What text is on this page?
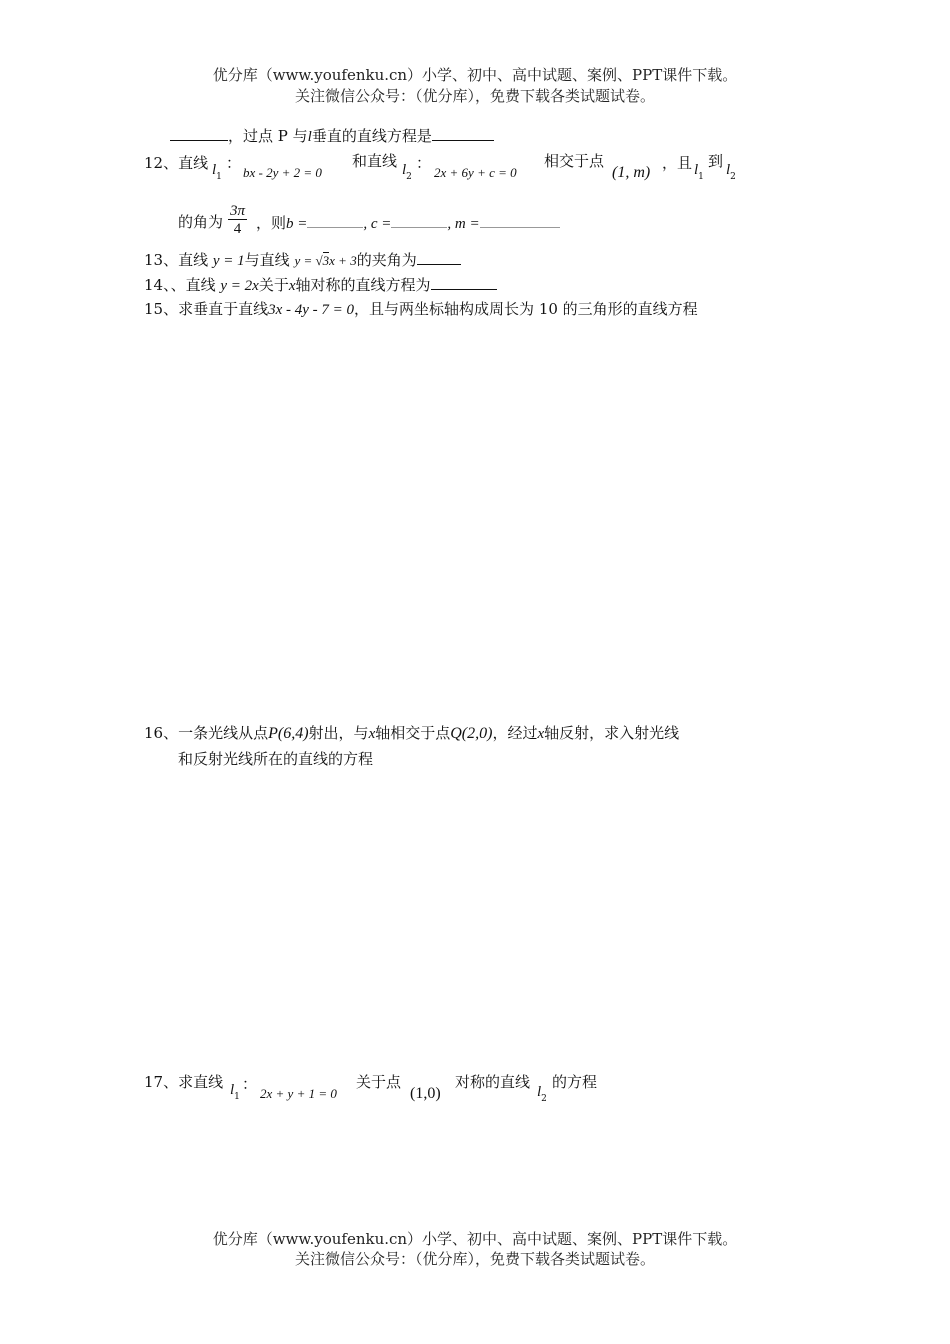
优分库（www.youfenku.cn）小学、初中、高中试题、案例、PPT课件下载。
关注微信公众号：（优分库），免费下载各类试题试卷。
，过点 P 与l垂直的直线方程是
12、直线 $l_1$
：
bx - 2y + 2 = 0
和直线 $l_2$
：
2x + 6y + c = 0
相交于点
(1, m)
，且 $l_1$
到 $l_2$
的角为 $\frac{3\pi}{4}$ ，则b =	, c =	, m =
13、直线 y = 1与直线 y = √3x + 3的夹角为
14、、直线 y = 2x关于x轴对称的直线方程为
15、求垂直于直线3x - 4y - 7 = 0，且与两坐标轴构成周长为 10 的三角形的直线方程
16、一条光线从点P(6,4)射出，与x轴相交于点Q(2,0)，经过x轴反射，求入射光线
和反射光线所在的直线的方程
17、求直线 $l_1$
：
2x + y + 1 = 0
关于点
(1,0)
对称的直线
$l_2$
的方程
优分库（www.youfenku.cn）小学、初中、高中试题、案例、PPT课件下载。
关注微信公众号：（优分库），免费下载各类试题试卷。
